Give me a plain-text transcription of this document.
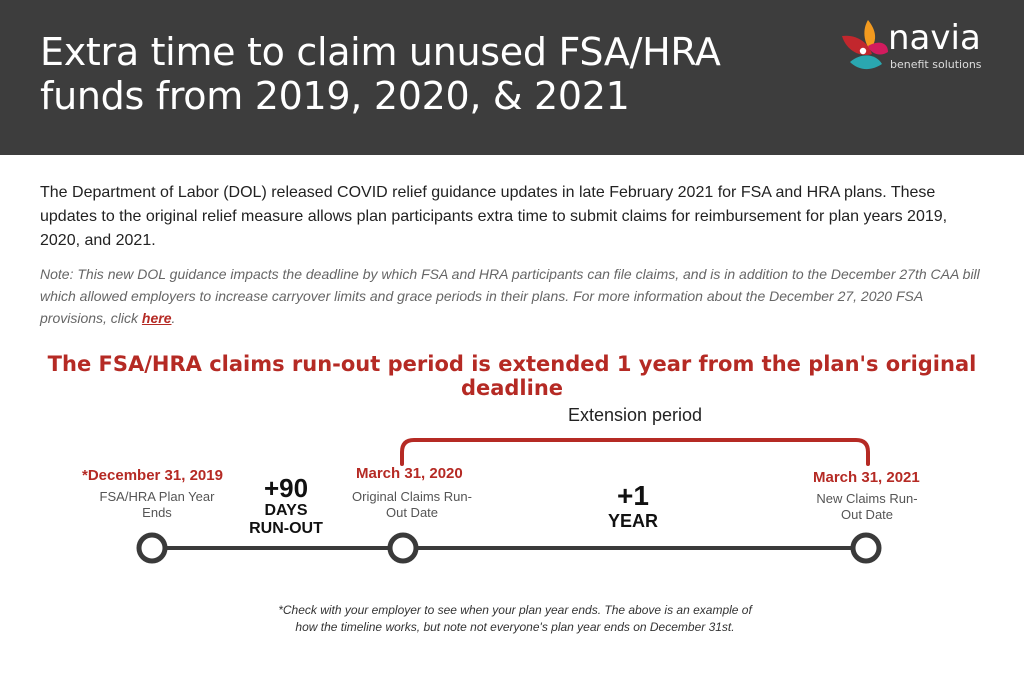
Extra time to claim unused FSA/HRA
funds from 2019, 2020, & 2021
navia
benefit solutions

The Department of Labor (DOL) released COVID relief guidance updates in late February 2021 for FSA and HRA plans. These updates to the original relief measure allows plan participants extra time to submit claims for reimbursement for plan years 2019, 2020, and 2021.

Note: This new DOL guidance impacts the deadline by which FSA and HRA participants can file claims, and is in addition to the December 27th CAA bill which allowed employers to increase carryover limits and grace periods in their plans. For more information about the December 27, 2020 FSA provisions, click here.

The FSA/HRA claims run-out period is extended 1 year from the plan's original deadline
Extension period
*December 31, 2019
FSA/HRA Plan Year
Ends
March 31, 2020
Original Claims Run-
Out Date
March 31, 2021
New Claims Run-
Out Date
+90
DAYS
RUN-OUT
+1
YEAR
*Check with your employer to see when your plan year ends. The above is an example of
how the timeline works, but note not everyone's plan year ends on December 31st.
